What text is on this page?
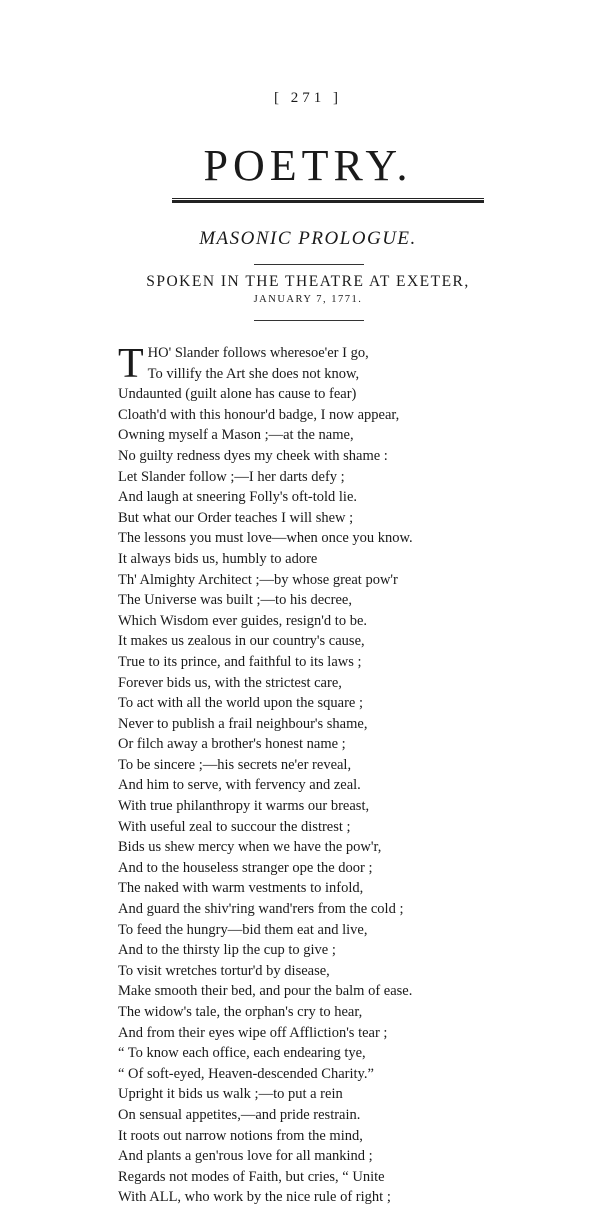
[ 271 ]
POETRY.
MASONIC PROLOGUE.
SPOKEN IN THE THEATRE AT EXETER,
JANUARY 7, 1771.
T HO' Slander follows wheresoe'er I go,
To villify the Art she does not know,
Undaunted (guilt alone has cause to fear)
Cloath'd with this honour'd badge, I now appear,
Owning myself a Mason ;—at the name,
No guilty redness dyes my cheek with shame :
Let Slander follow ;—I her darts defy ;
And laugh at sneering Folly's oft-told lie.
But what our Order teaches I will shew ;
The lessons you must love—when once you know.
It always bids us, humbly to adore
Th' Almighty Architect ;—by whose great pow'r
The Universe was built ;—to his decree,
Which Wisdom ever guides, resign'd to be.
It makes us zealous in our country's cause,
True to its prince, and faithful to its laws ;
Forever bids us, with the strictest care,
To act with all the world upon the square ;
Never to publish a frail neighbour's shame,
Or filch away a brother's honest name ;
To be sincere ;—his secrets ne'er reveal,
And him to serve, with fervency and zeal.
With true philanthropy it warms our breast,
With useful zeal to succour the distrest ;
Bids us shew mercy when we have the pow'r,
And to the houseless stranger ope the door ;
The naked with warm vestments to infold,
And guard the shiv'ring wand'rers from the cold ;
To feed the hungry—bid them eat and live,
And to the thirsty lip the cup to give ;
To visit wretches tortur'd by disease,
Make smooth their bed, and pour the balm of ease.
The widow's tale, the orphan's cry to hear,
And from their eyes wipe off Affliction's tear ;
“ To know each office, each endearing tye,
“ Of soft-eyed, Heaven-descended Charity.”
Upright it bids us walk ;—to put a rein
On sensual appetites,—and pride restrain.
It roots out narrow notions from the mind,
And plants a gen'rous love for all mankind ;
Regards not modes of Faith, but cries, “ Unite
With ALL, who work by the nice rule of right ;
